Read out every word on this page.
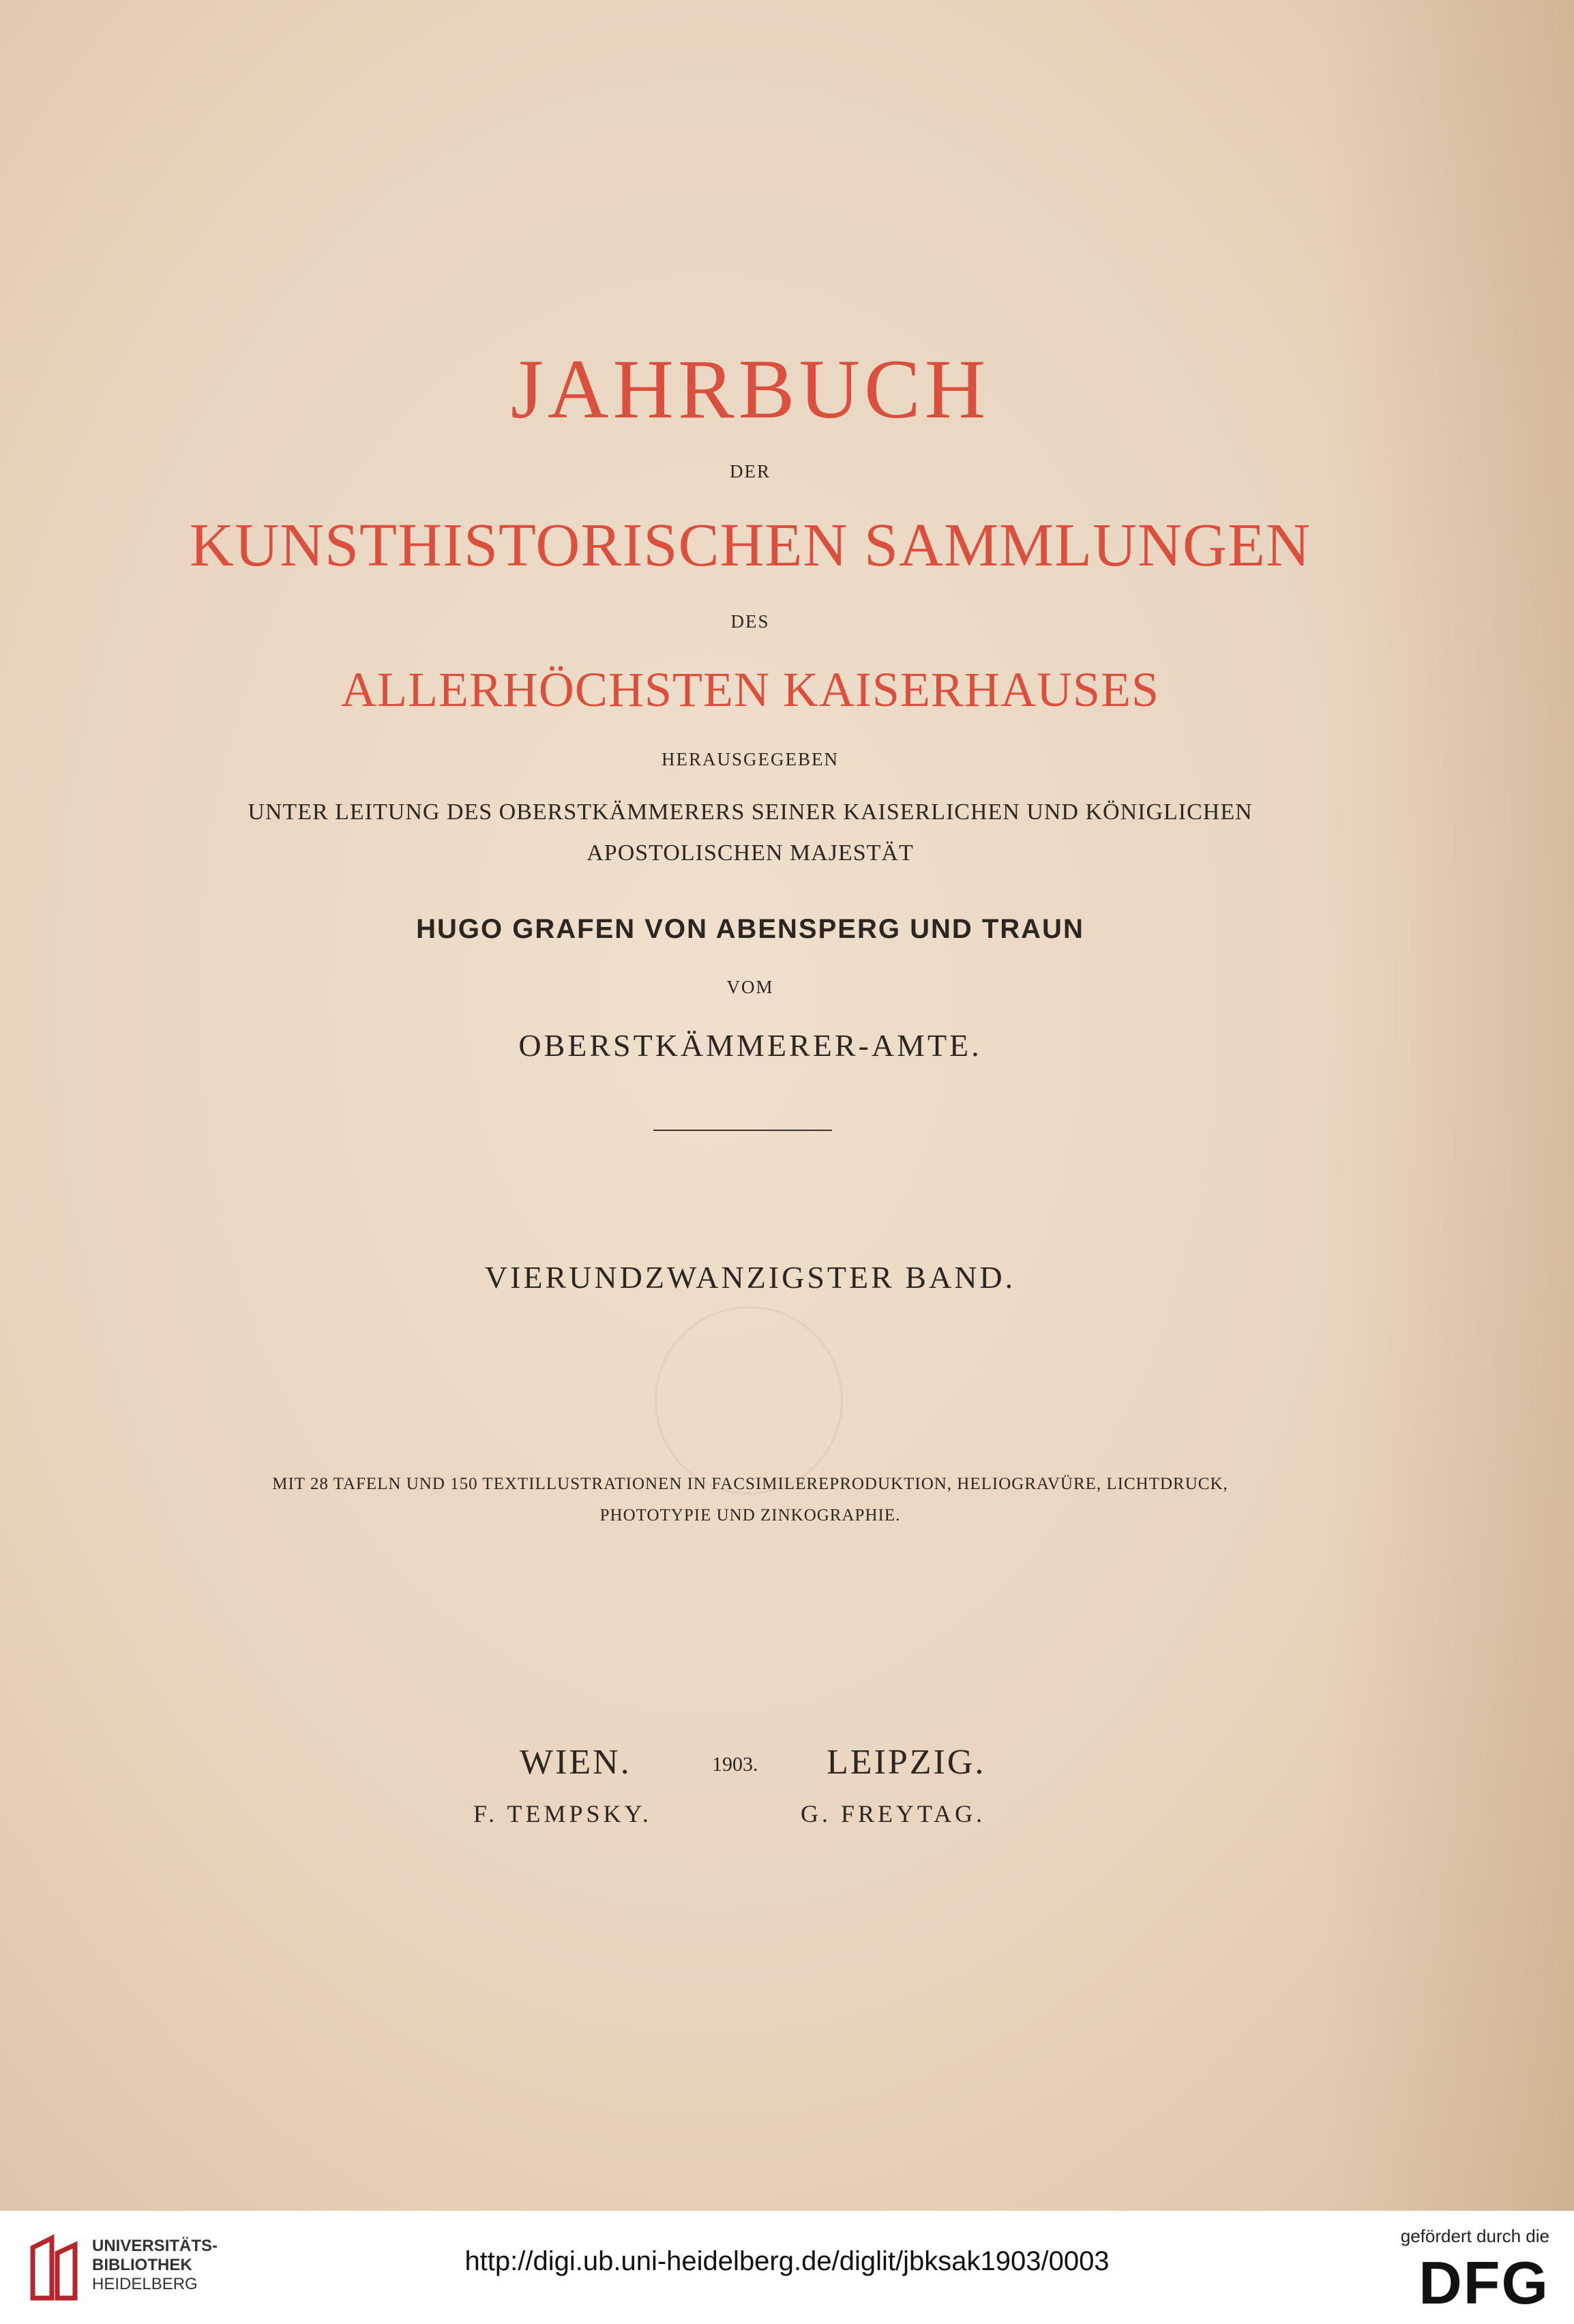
JAHRBUCH

DER

KUNSTHISTORISCHEN SAMMLUNGEN

DES

ALLERHÖCHSTEN KAISERHAUSES

HERAUSGEGEBEN

UNTER LEITUNG DES OBERSTKÄMMERERS SEINER KAISERLICHEN UND KÖNIGLICHEN

APOSTOLISCHEN MAJESTÄT

HUGO GRAFEN VON ABENSPERG UND TRAUN

VOM

OBERSTKÄMMERER-AMTE.

VIERUNDZWANZIGSTER BAND.

MIT 28 TAFELN UND 150 TEXTILLUSTRATIONEN IN FACSIMILEREPRODUKTION, HELIOGRAVÜRE, LICHTDRUCK,

PHOTOTYPIE UND ZINKOGRAPHIE.

WIEN.	1903. LEIPZIG.

F. TEMPSKY.	G. FREYTAG.

UNIVERSITÄTS-
BIBLIOTHEK
HEIDELBERG
http://digi.ub.uni-heidelberg.de/diglit/jbksak1903/0003
gefördert durch die
DFG
